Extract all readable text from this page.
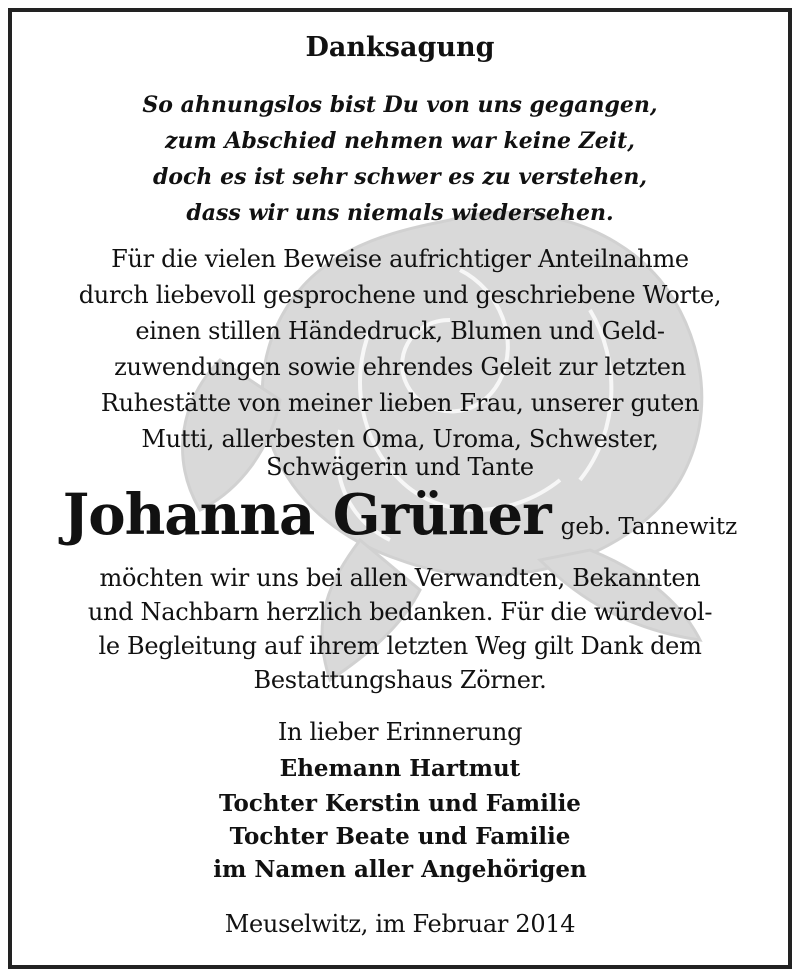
Danksagung
So ahnungslos bist Du von uns gegangen,
zum Abschied nehmen war keine Zeit,
doch es ist sehr schwer es zu verstehen,
dass wir uns niemals wiedersehen.
Für die vielen Beweise aufrichtiger Anteilnahme
durch liebevoll gesprochene und geschriebene Worte,
einen stillen Händedruck, Blumen und Geld-
zuwendungen sowie ehrendes Geleit zur letzten
Ruhestätte von meiner lieben Frau, unserer guten
Mutti, allerbesten Oma, Uroma, Schwester,
Schwägerin und Tante
Johanna Grüner geb. Tannewitz
möchten wir uns bei allen Verwandten, Bekannten
und Nachbarn herzlich bedanken. Für die würdevol-
le Begleitung auf ihrem letzten Weg gilt Dank dem
Bestattungshaus Zörner.
In lieber Erinnerung
Ehemann Hartmut
Tochter Kerstin und Familie
Tochter Beate und Familie
im Namen aller Angehörigen
Meuselwitz, im Februar 2014
